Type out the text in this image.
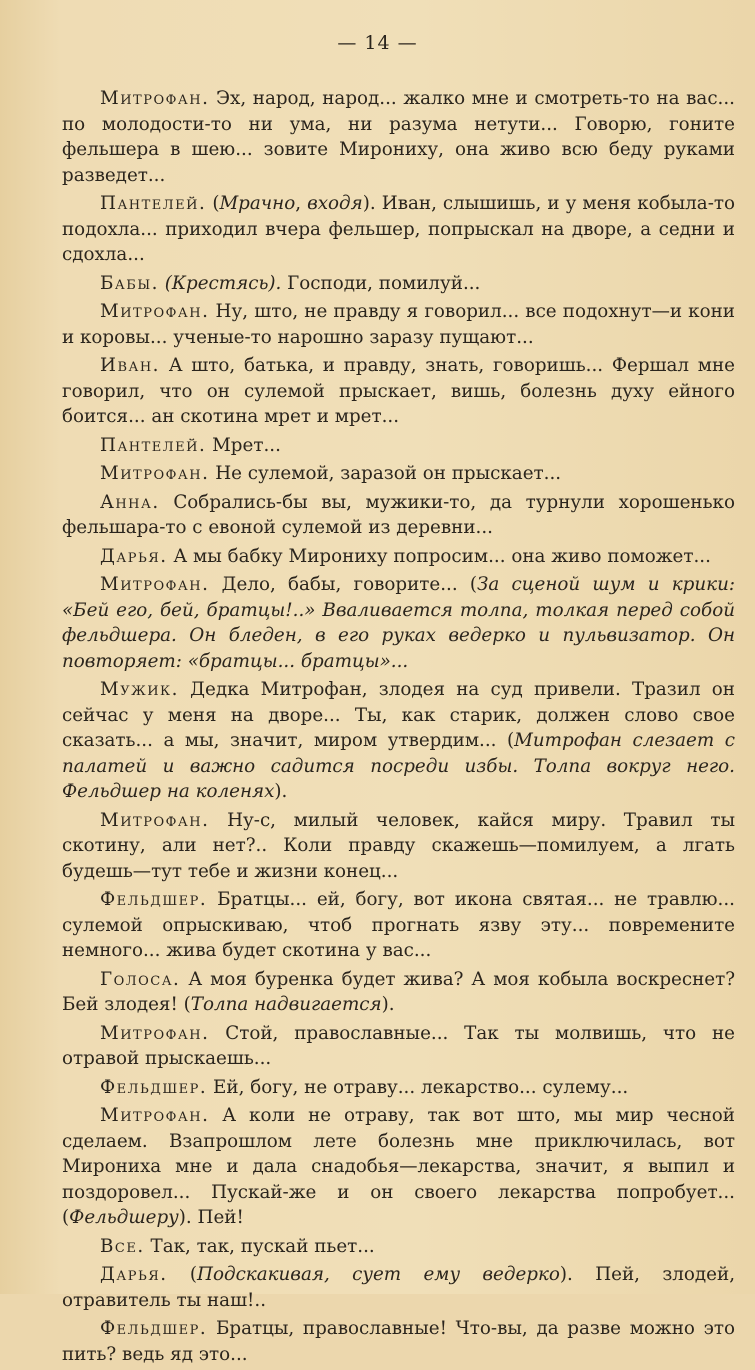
— 14 —

Митрофан. Эх, народ, народ... жалко мне и смотреть-то на вас... по молодости-то ни ума, ни разума нетути... Говорю, гоните фельшера в шею... зовите Мирониху, она живо всю беду руками разведет...

Пантелей. (Мрачно, входя). Иван, слышишь, и у меня кобыла-то подохла... приходил вчера фельшер, попрыскал на дворе, а седни и сдохла...

Бабы. (Крестясь). Господи, помилуй...

Митрофан. Ну, што, не правду я говорил... все подохнут—и кони и коровы... ученые-то нарошно заразу пущают...

Иван. А што, батька, и правду, знать, говоришь... Фершал мне говорил, что он сулемой прыскает, вишь, болезнь духу ейного боится... ан скотина мрет и мрет...

Пантелей. Мрет...

Митрофан. Не сулемой, заразой он прыскает...

Анна. Собрались-бы вы, мужики-то, да турнули хорошенько фельшара-то с евоной сулемой из деревни...

Дарья. А мы бабку Мирониху попросим... она живо поможет...

Митрофан. Дело, бабы, говорите... (За сценой шум и крики: «Бей его, бей, братцы!..» Вваливается толпа, толкая перед собой фельдшера. Он бледен, в его руках ведерко и пульвизатор. Он повторяет: «братцы... братцы»...

Мужик. Дедка Митрофан, злодея на суд привели. Тразил он сейчас у меня на дворе... Ты, как старик, должен слово свое сказать... а мы, значит, миром утвердим... (Митрофан слезает с палатей и важно садится посреди избы. Толпа вокруг него. Фельдшер на коленях).

Митрофан. Ну-с, милый человек, кайся миру. Травил ты скотину, али нет?.. Коли правду скажешь—помилуем, а лгать будешь—тут тебе и жизни конец...

Фельдшер. Братцы... ей, богу, вот икона святая... не травлю... сулемой опрыскиваю, чтоб прогнать язву эту... повремените немного... жива будет скотина у вас...

Голоса. А моя буренка будет жива? А моя кобыла воскреснет? Бей злодея! (Толпа надвигается).

Митрофан. Стой, православные... Так ты молвишь, что не отравой прыскаешь...

Фельдшер. Ей, богу, не отраву... лекарство... сулему...

Митрофан. А коли не отраву, так вот што, мы мир чесной сделаем. Взапрошлом лете болезнь мне приключилась, вот Мирониха мне и дала снадобья—лекарства, значит, я выпил и поздоровел... Пускай-же и он своего лекарства попробует... (Фельдшеру). Пей!

Все. Так, так, пускай пьет...

Дарья. (Подскакивая, сует ему ведерко). Пей, злодей, отравитель ты наш!..

Фельдшер. Братцы, православные! Что-вы, да разве можно это пить? ведь яд это...
